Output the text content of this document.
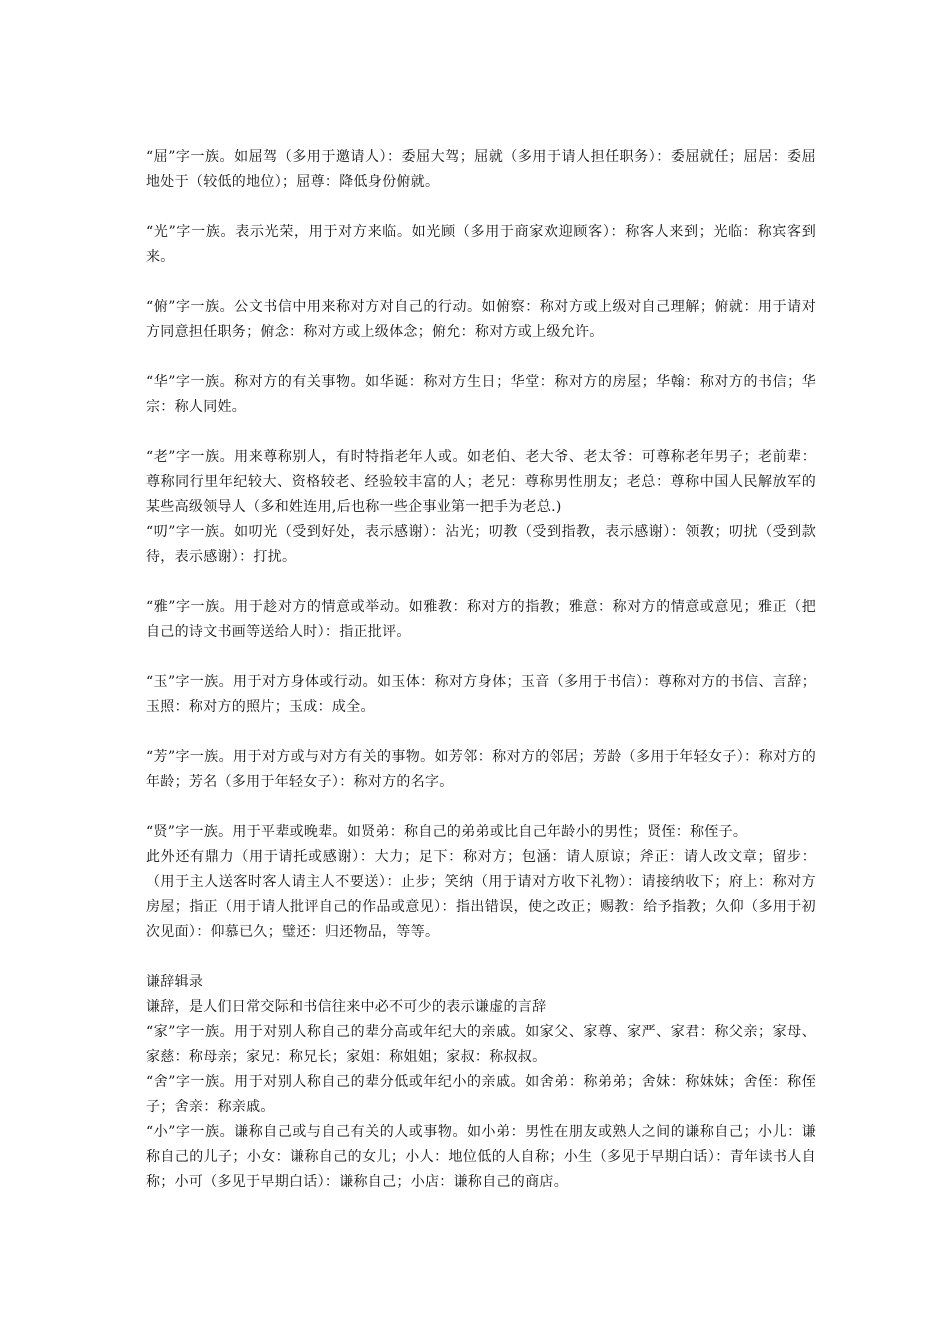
“屈”字一族。如屈驾（多用于邀请人）：委屈大驾；屈就（多用于请人担任职务）：委屈就任；屈居：委屈地处于（较低的地位）；屈尊：降低身份俯就。

“光”字一族。表示光荣，用于对方来临。如光顾（多用于商家欢迎顾客）：称客人来到；光临：称宾客到来。

“俯”字一族。公文书信中用来称对方对自己的行动。如俯察：称对方或上级对自己理解；俯就：用于请对方同意担任职务；俯念：称对方或上级体念；俯允：称对方或上级允许。

“华”字一族。称对方的有关事物。如华诞：称对方生日；华堂：称对方的房屋；华翰：称对方的书信；华宗：称人同姓。

“老”字一族。用来尊称别人，有时特指老年人或。如老伯、老大爷、老太爷：可尊称老年男子；老前辈：尊称同行里年纪较大、资格较老、经验较丰富的人；老兄：尊称男性朋友；老总：尊称中国人民解放军的某些高级领导人（多和姓连用,后也称一些企事业第一把手为老总.)

“叨”字一族。如叨光（受到好处，表示感谢）：沾光；叨教（受到指教，表示感谢）：领教；叨扰（受到款待，表示感谢）：打扰。

“雅”字一族。用于趁对方的情意或举动。如雅教：称对方的指教；雅意：称对方的情意或意见；雅正（把自己的诗文书画等送给人时）：指正批评。

“玉”字一族。用于对方身体或行动。如玉体：称对方身体；玉音（多用于书信）：尊称对方的书信、言辞；玉照：称对方的照片；玉成：成全。

“芳”字一族。用于对方或与对方有关的事物。如芳邻：称对方的邻居；芳龄（多用于年轻女子）：称对方的年龄；芳名（多用于年轻女子）：称对方的名字。

“贤”字一族。用于平辈或晚辈。如贤弟：称自己的弟弟或比自己年龄小的男性；贤侄：称侄子。

此外还有鼎力（用于请托或感谢）：大力；足下：称对方；包涵：请人原谅；斧正：请人改文章；留步：（用于主人送客时客人请主人不要送）：止步；笑纳（用于请对方收下礼物）：请接纳收下；府上：称对方房屋；指正（用于请人批评自己的作品或意见）：指出错误，使之改正；赐教：给予指教；久仰（多用于初次见面）：仰慕已久；璧还：归还物品，等等。

谦辞辑录

谦辞，是人们日常交际和书信往来中必不可少的表示谦虚的言辞

“家”字一族。用于对别人称自己的辈分高或年纪大的亲戚。如家父、家尊、家严、家君：称父亲；家母、家慈：称母亲；家兄：称兄长；家姐：称姐姐；家叔：称叔叔。

“舍”字一族。用于对别人称自己的辈分低或年纪小的亲戚。如舍弟：称弟弟；舍妹：称妹妹；舍侄：称侄子；舍亲：称亲戚。

“小”字一族。谦称自己或与自己有关的人或事物。如小弟：男性在朋友或熟人之间的谦称自己；小儿：谦称自己的儿子；小女：谦称自己的女儿；小人：地位低的人自称；小生（多见于早期白话）：青年读书人自称；小可（多见于早期白话）：谦称自己；小店：谦称自己的商店。
